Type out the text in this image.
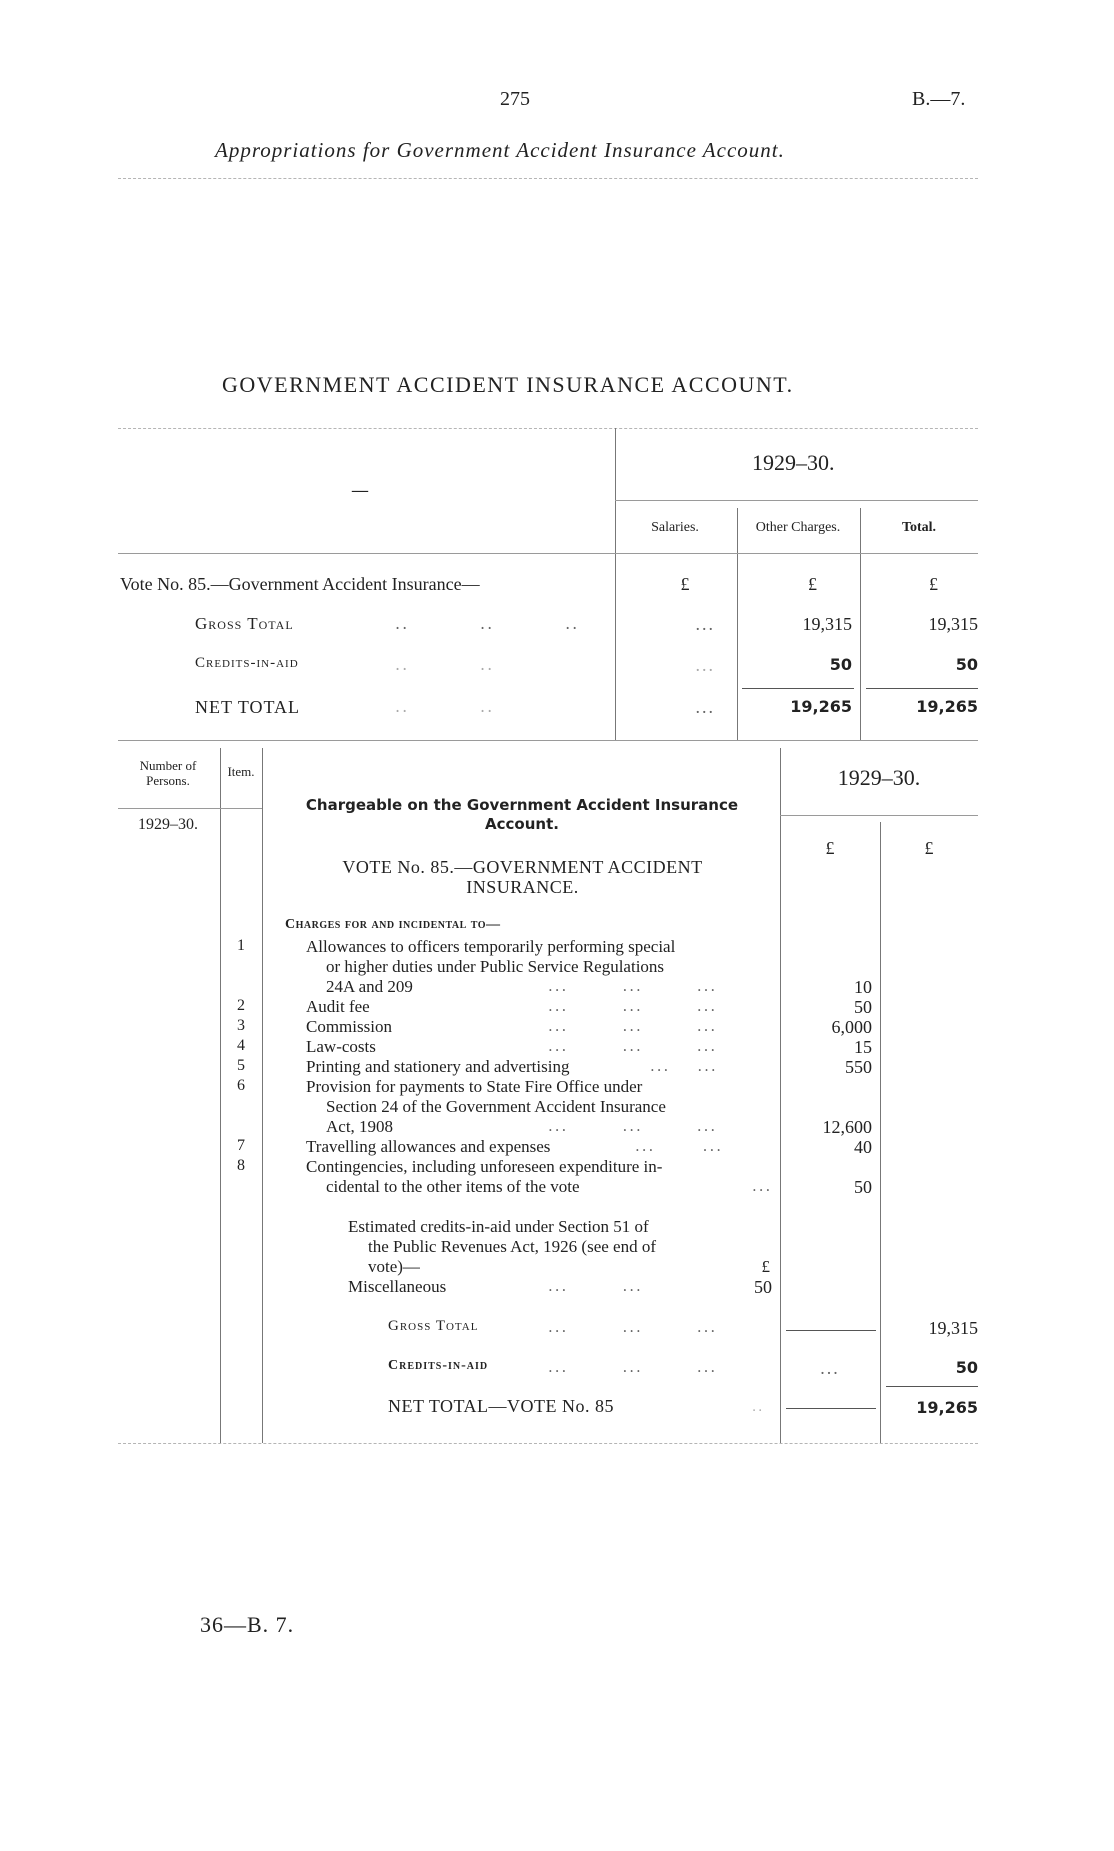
275	B.—7.
Appropriations for Government Accident Insurance Account.
GOVERNMENT ACCIDENT INSURANCE ACCOUNT.
—
1929–30.
Salaries.	Other Charges.	Total.
Vote No. 85.—Government Accident Insurance—	£	£	£
Gross Total	..          ..          ..	...	19,315	19,315
Credits-in-aid	..          ..	...	50	50
NET TOTAL	..          ..	...	19,265	19,265
Number of Persons.
Item.
1929–30.
1929–30.
£	£
Chargeable on the Government Accident Insurance Account.
VOTE No. 85.—GOVERNMENT ACCIDENT INSURANCE.
Charges for and incidental to—
1	Allowances to officers temporarily performing special
or higher duties under Public Service Regulations
24A and 209	...        ...        ...	10
2	Audit fee	...        ...        ...	50
3	Commission	...        ...        ...	6,000
4	Law-costs	...        ...        ...	15
5	Printing and stationery and advertising	...    ...	550
6	Provision for payments to State Fire Office under
Section 24 of the Government Accident Insurance
Act, 1908	...        ...        ...	12,600
7	Travelling allowances and expenses	...       ...	40
8	Contingencies, including unforeseen expenditure in-
cidental to the other items of the vote	...	50
Estimated credits-in-aid under Section 51 of
the Public Revenues Act, 1926 (see end of
vote)—	£
Miscellaneous	...        ...	50
Gross Total	...        ...        ...	19,315
Credits-in-aid	...        ...        ...	...	50
NET TOTAL—VOTE No. 85	..	19,265
36—B. 7.
